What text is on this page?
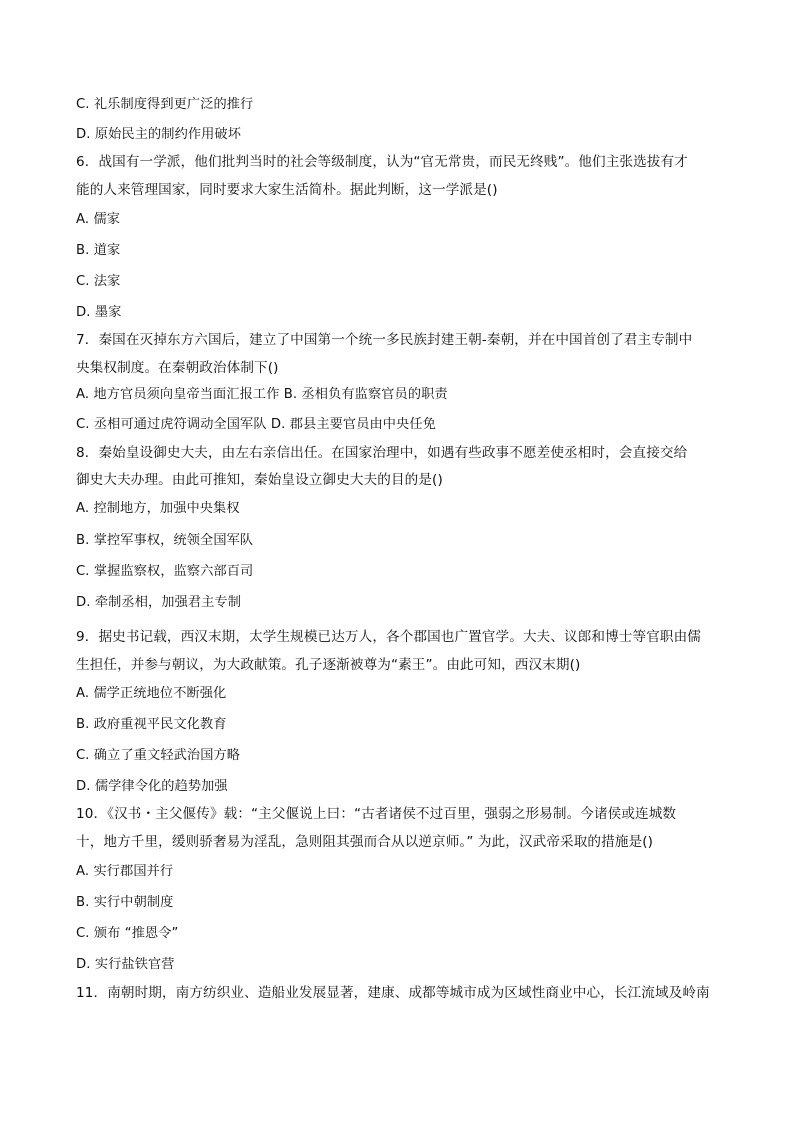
C. 礼乐制度得到更广泛的推行
D. 原始民主的制约作用破坏
6．战国有一学派，他们批判当时的社会等级制度，认为“官无常贵，而民无终贱”。他们主张选拔有才
能的人来管理国家，同时要求大家生活简朴。据此判断，这一学派是()
A. 儒家
B. 道家
C. 法家
D. 墨家
7．秦国在灭掉东方六国后，建立了中国第一个统一多民族封建王朝-秦朝，并在中国首创了君主专制中
央集权制度。在秦朝政治体制下()
A. 地方官员须向皇帝当面汇报工作 B. 丞相负有监察官员的职责
C. 丞相可通过虎符调动全国军队 D. 郡县主要官员由中央任免
8．秦始皇设御史大夫，由左右亲信出任。在国家治理中，如遇有些政事不愿差使丞相时，会直接交给
御史大夫办理。由此可推知，秦始皇设立御史大夫的目的是()
A. 控制地方，加强中央集权
B. 掌控军事权，统领全国军队
C. 掌握监察权，监察六部百司
D. 牵制丞相，加强君主专制
9．据史书记载，西汉末期，太学生规模已达万人，各个郡国也广置官学。大夫、议郎和博士等官职由儒
生担任，并参与朝议，为大政献策。孔子逐渐被尊为“素王”。由此可知，西汉末期()
A. 儒学正统地位不断强化
B. 政府重视平民文化教育
C. 确立了重文轻武治国方略
D. 儒学律令化的趋势加强
10．《汉书・主父偃传》载：“主父偃说上曰：“古者诸侯不过百里，强弱之形易制。今诸侯或连城数
十，地方千里，缓则骄奢易为淫乱，急则阻其强而合从以逆京师。” 为此，汉武帝采取的措施是()
A. 实行郡国并行
B. 实行中朝制度
C. 颁布 “推恩令”
D. 实行盐铁官营
11．南朝时期，南方纺织业、造船业发展显著，建康、成都等城市成为区域性商业中心，长江流域及岭南
